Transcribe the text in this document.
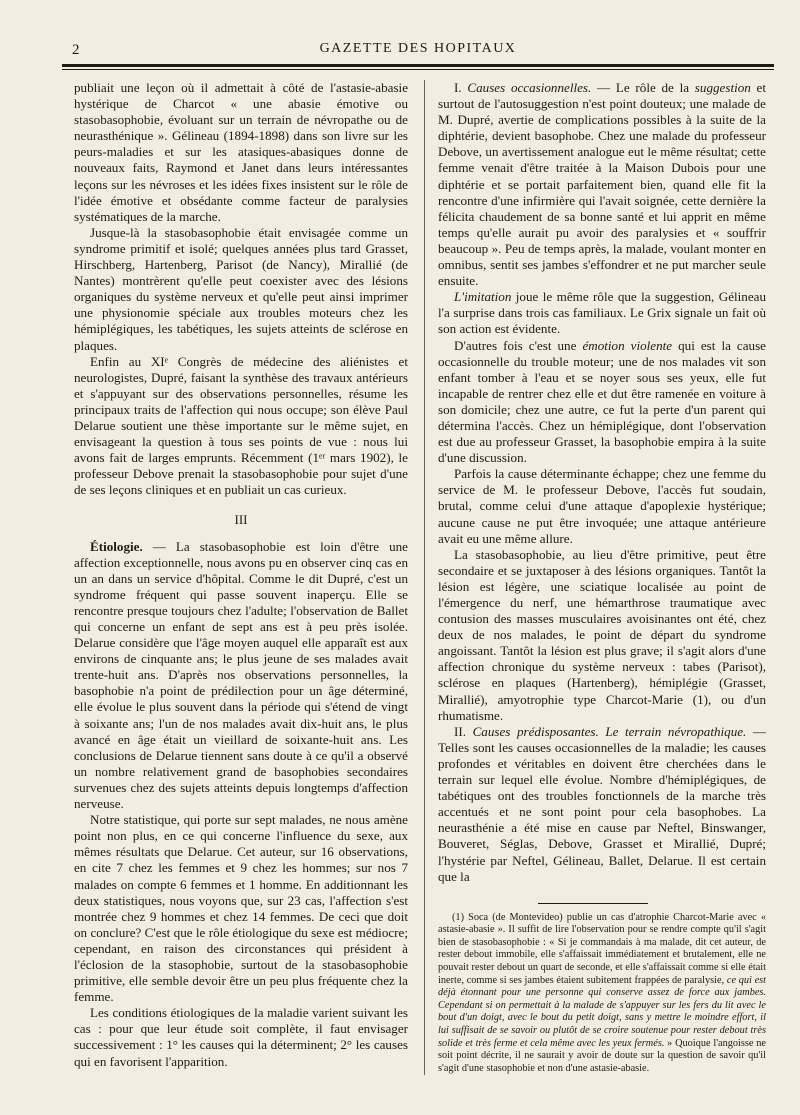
2	GAZETTE DES HOPITAUX

publiait une leçon où il admettait à côté de l'astasie-abasie hystérique de Charcot « une abasie émotive ou stasobasophobie, évoluant sur un terrain de névropathe ou de neurasthénique ». Gélineau (1894-1898) dans son livre sur les peurs-maladies et sur les atasiques-abasiques donne de nouveaux faits, Raymond et Janet dans leurs intéressantes leçons sur les névroses et les idées fixes insistent sur le rôle de l'idée émotive et obsédante comme facteur de paralysies systématiques de la marche.

Jusque-là la stasobasophobie était envisagée comme un syndrome primitif et isolé; quelques années plus tard Grasset, Hirschberg, Hartenberg, Parisot (de Nancy), Mirallié (de Nantes) montrèrent qu'elle peut coexister avec des lésions organiques du système nerveux et qu'elle peut ainsi imprimer une physionomie spéciale aux troubles moteurs chez les hémiplégiques, les tabétiques, les sujets atteints de sclérose en plaques.

Enfin au XIᵉ Congrès de médecine des aliénistes et neurologistes, Dupré, faisant la synthèse des travaux antérieurs et s'appuyant sur des observations personnelles, résume les principaux traits de l'affection qui nous occupe; son élève Paul Delarue soutient une thèse importante sur le même sujet, en envisageant la question à tous ses points de vue : nous lui avons fait de larges emprunts. Récemment (1ᵉʳ mars 1902), le professeur Debove prenait la stasobasophobie pour sujet d'une de ses leçons cliniques et en publiait un cas curieux.

III

Étiologie. — La stasobasophobie est loin d'être une affection exceptionnelle, nous avons pu en observer cinq cas en un an dans un service d'hôpital. Comme le dit Dupré, c'est un syndrome fréquent qui passe souvent inaperçu. Elle se rencontre presque toujours chez l'adulte; l'observation de Ballet qui concerne un enfant de sept ans est à peu près isolée. Delarue considère que l'âge moyen auquel elle apparaît est aux environs de cinquante ans; le plus jeune de ses malades avait trente-huit ans. D'après nos observations personnelles, la basophobie n'a point de prédilection pour un âge déterminé, elle évolue le plus souvent dans la période qui s'étend de vingt à soixante ans; l'un de nos malades avait dix-huit ans, le plus avancé en âge était un vieillard de soixante-huit ans. Les conclusions de Delarue tiennent sans doute à ce qu'il a observé un nombre relativement grand de basophobies secondaires survenues chez des sujets atteints depuis longtemps d'affection nerveuse.

Notre statistique, qui porte sur sept malades, ne nous amène point non plus, en ce qui concerne l'influence du sexe, aux mêmes résultats que Delarue. Cet auteur, sur 16 observations, en cite 7 chez les femmes et 9 chez les hommes; sur nos 7 malades on compte 6 femmes et 1 homme. En additionnant les deux statistiques, nous voyons que, sur 23 cas, l'affection s'est montrée chez 9 hommes et chez 14 femmes. De ceci que doit on conclure? C'est que le rôle étiologique du sexe est médiocre; cependant, en raison des circonstances qui président à l'éclosion de la stasophobie, surtout de la stasobasophobie primitive, elle semble devoir être un peu plus fréquente chez la femme.

Les conditions étiologiques de la maladie varient suivant les cas : pour que leur étude soit complète, il faut envisager successivement : 1° les causes qui la déterminent; 2° les causes qui en favorisent l'apparition.

I. Causes occasionnelles. — Le rôle de la suggestion et surtout de l'autosuggestion n'est point douteux; une malade de M. Dupré, avertie de complications possibles à la suite de la diphtérie, devient basophobe. Chez une malade du professeur Debove, un avertissement analogue eut le même résultat; cette femme venait d'être traitée à la Maison Dubois pour une diphtérie et se portait parfaitement bien, quand elle fit la rencontre d'une infirmière qui l'avait soignée, cette dernière la félicita chaudement de sa bonne santé et lui apprit en même temps qu'elle aurait pu avoir des paralysies et « souffrir beaucoup ». Peu de temps après, la malade, voulant monter en omnibus, sentit ses jambes s'effondrer et ne put marcher seule ensuite.

L'imitation joue le même rôle que la suggestion, Gélineau l'a surprise dans trois cas familiaux. Le Grix signale un fait où son action est évidente.

D'autres fois c'est une émotion violente qui est la cause occasionnelle du trouble moteur; une de nos malades vit son enfant tomber à l'eau et se noyer sous ses yeux, elle fut incapable de rentrer chez elle et dut être ramenée en voiture à son domicile; chez une autre, ce fut la perte d'un parent qui détermina l'accès. Chez un hémiplégique, dont l'observation est due au professeur Grasset, la basophobie empira à la suite d'une discussion.

Parfois la cause déterminante échappe; chez une femme du service de M. le professeur Debove, l'accès fut soudain, brutal, comme celui d'une attaque d'apoplexie hystérique; aucune cause ne put être invoquée; une attaque antérieure avait eu une même allure.

La stasobasophobie, au lieu d'être primitive, peut être secondaire et se juxtaposer à des lésions organiques. Tantôt la lésion est légère, une sciatique localisée au point de l'émergence du nerf, une hémarthrose traumatique avec contusion des masses musculaires avoisinantes ont été, chez deux de nos malades, le point de départ du syndrome angoissant. Tantôt la lésion est plus grave; il s'agit alors d'une affection chronique du système nerveux : tabes (Parisot), sclérose en plaques (Hartenberg), hémiplégie (Grasset, Mirallié), amyotrophie type Charcot-Marie (1), ou d'un rhumatisme.

II. Causes prédisposantes. Le terrain névropathique. — Telles sont les causes occasionnelles de la maladie; les causes profondes et véritables en doivent être cherchées dans le terrain sur lequel elle évolue. Nombre d'hémiplégiques, de tabétiques ont des troubles fonctionnels de la marche très accentués et ne sont point pour cela basophobes. La neurasthénie a été mise en cause par Neftel, Binswanger, Bouveret, Séglas, Debove, Grasset et Mirallié, Dupré; l'hystérie par Neftel, Gélineau, Ballet, Delarue. Il est certain que la

(1) Soca (de Montevideo) publie un cas d'atrophie Charcot-Marie avec « astasie-abasie ». Il suffit de lire l'observation pour se rendre compte qu'il s'agit bien de stasobasophobie : « Si je commandais à ma malade, dit cet auteur, de rester debout immobile, elle s'affaissait immédiatement et brutalement, elle ne pouvait rester debout un quart de seconde, et elle s'affaissait comme si elle était inerte, comme si ses jambes étaient subitement frappées de paralysie, ce qui est déjà étonnant pour une personne qui conserve assez de force aux jambes. Cependant si on permettait à la malade de s'appuyer sur les fers du lit avec le bout d'un doigt, avec le bout du petit doigt, sans y mettre le moindre effort, il lui suffisait de se savoir ou plutôt de se croire soutenue pour rester debout très solide et très ferme et cela même avec les yeux fermés. » Quoique l'angoisse ne soit point décrite, il ne saurait y avoir de doute sur la question de savoir qu'il s'agit d'une stasophobie et non d'une astasie-abasie.
